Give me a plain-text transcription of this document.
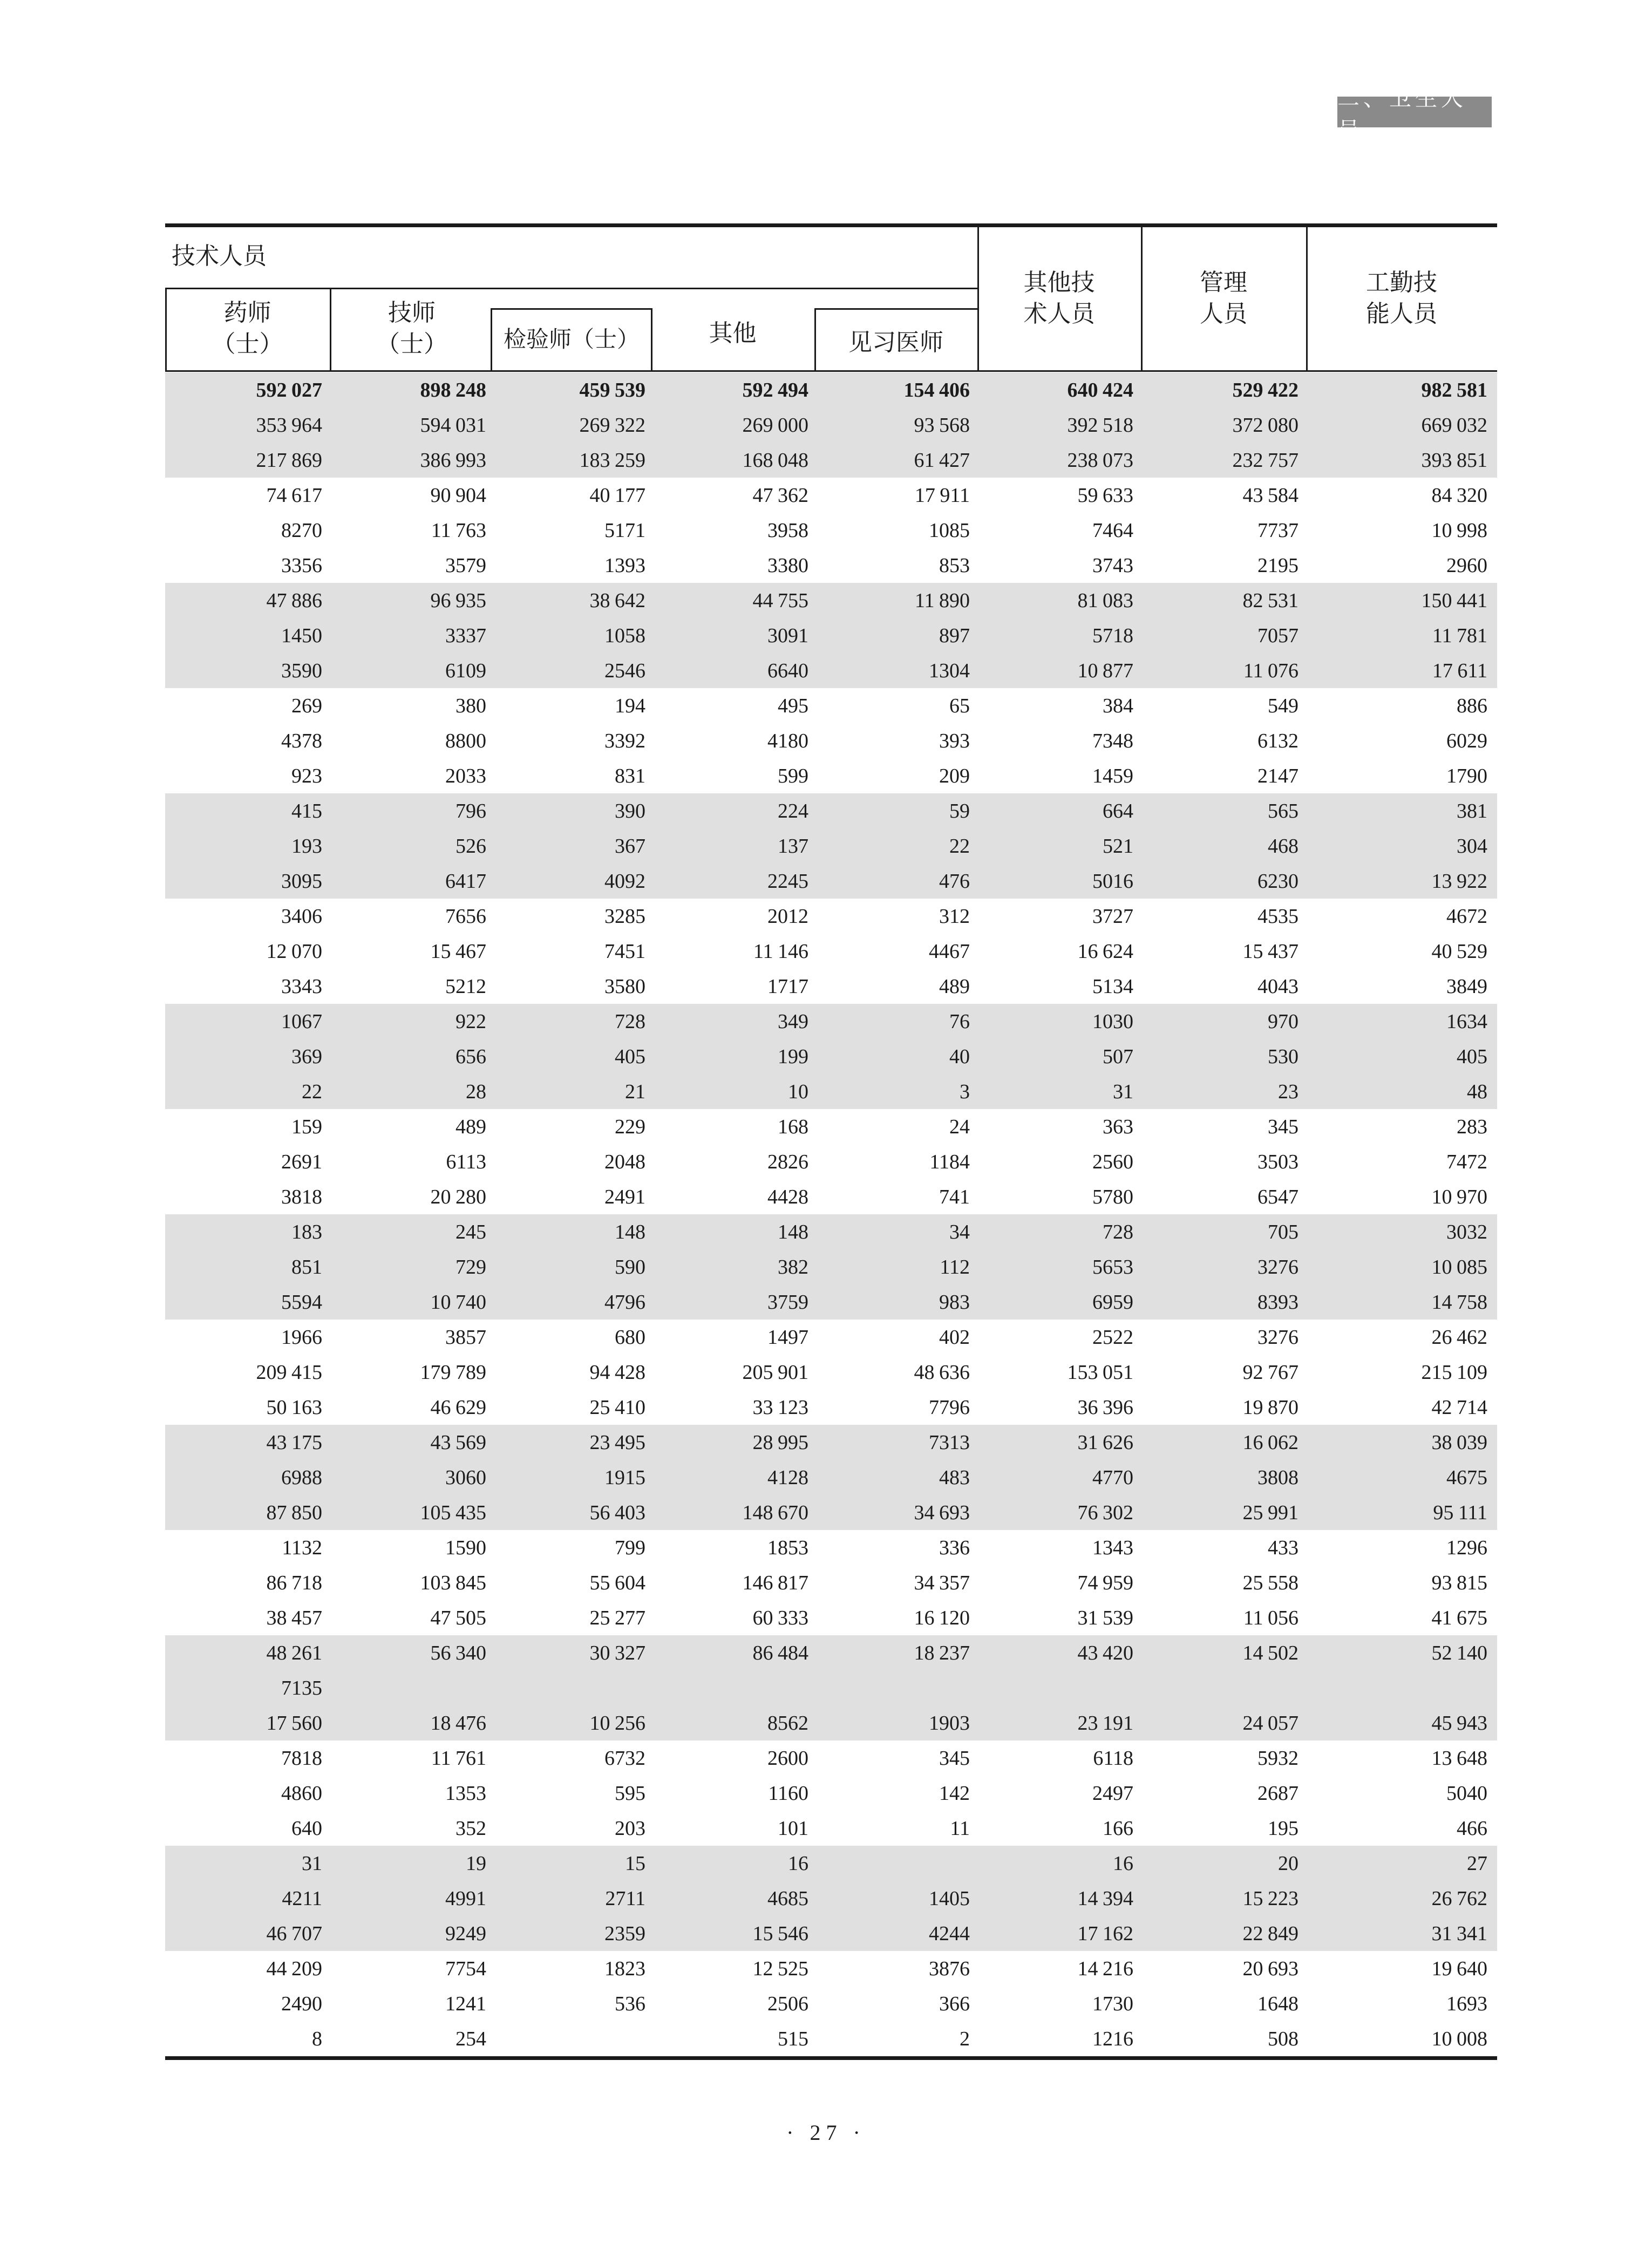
二、卫生人员
技术人员
药师
（士）
技师
（士）	检验师（士）	其他	见习医师
其他技
术人员
管理
人员
工勤技
能人员
592 027	898 248	459 539	592 494	154 406	640 424	529 422	982 581
353 964	594 031	269 322	269 000	93 568	392 518	372 080	669 032
217 869	386 993	183 259	168 048	61 427	238 073	232 757	393 851
74 617	90 904	40 177	47 362	17 911	59 633	43 584	84 320
8270	11 763	5171	3958	1085	7464	7737	10 998
3356	3579	1393	3380	853	3743	2195	2960
47 886	96 935	38 642	44 755	11 890	81 083	82 531	150 441
1450	3337	1058	3091	897	5718	7057	11 781
3590	6109	2546	6640	1304	10 877	11 076	17 611
269	380	194	495	65	384	549	886
4378	8800	3392	4180	393	7348	6132	6029
923	2033	831	599	209	1459	2147	1790
415	796	390	224	59	664	565	381
193	526	367	137	22	521	468	304
3095	6417	4092	2245	476	5016	6230	13 922
3406	7656	3285	2012	312	3727	4535	4672
12 070	15 467	7451	11 146	4467	16 624	15 437	40 529
3343	5212	3580	1717	489	5134	4043	3849
1067	922	728	349	76	1030	970	1634
369	656	405	199	40	507	530	405
22	28	21	10	3	31	23	48
159	489	229	168	24	363	345	283
2691	6113	2048	2826	1184	2560	3503	7472
3818	20 280	2491	4428	741	5780	6547	10 970
183	245	148	148	34	728	705	3032
851	729	590	382	112	5653	3276	10 085
5594	10 740	4796	3759	983	6959	8393	14 758
1966	3857	680	1497	402	2522	3276	26 462
209 415	179 789	94 428	205 901	48 636	153 051	92 767	215 109
50 163	46 629	25 410	33 123	7796	36 396	19 870	42 714
43 175	43 569	23 495	28 995	7313	31 626	16 062	38 039
6988	3060	1915	4128	483	4770	3808	4675
87 850	105 435	56 403	148 670	34 693	76 302	25 991	95 111
1132	1590	799	1853	336	1343	433	1296
86 718	103 845	55 604	146 817	34 357	74 959	25 558	93 815
38 457	47 505	25 277	60 333	16 120	31 539	11 056	41 675
48 261	56 340	30 327	86 484	18 237	43 420	14 502	52 140
7135							
17 560	18 476	10 256	8562	1903	23 191	24 057	45 943
7818	11 761	6732	2600	345	6118	5932	13 648
4860	1353	595	1160	142	2497	2687	5040
640	352	203	101	11	166	195	466
31	19	15	16		16	20	27
4211	4991	2711	4685	1405	14 394	15 223	26 762
46 707	9249	2359	15 546	4244	17 162	22 849	31 341
44 209	7754	1823	12 525	3876	14 216	20 693	19 640
2490	1241	536	2506	366	1730	1648	1693
8	254		515	2	1216	508	10 008
· 27 ·
